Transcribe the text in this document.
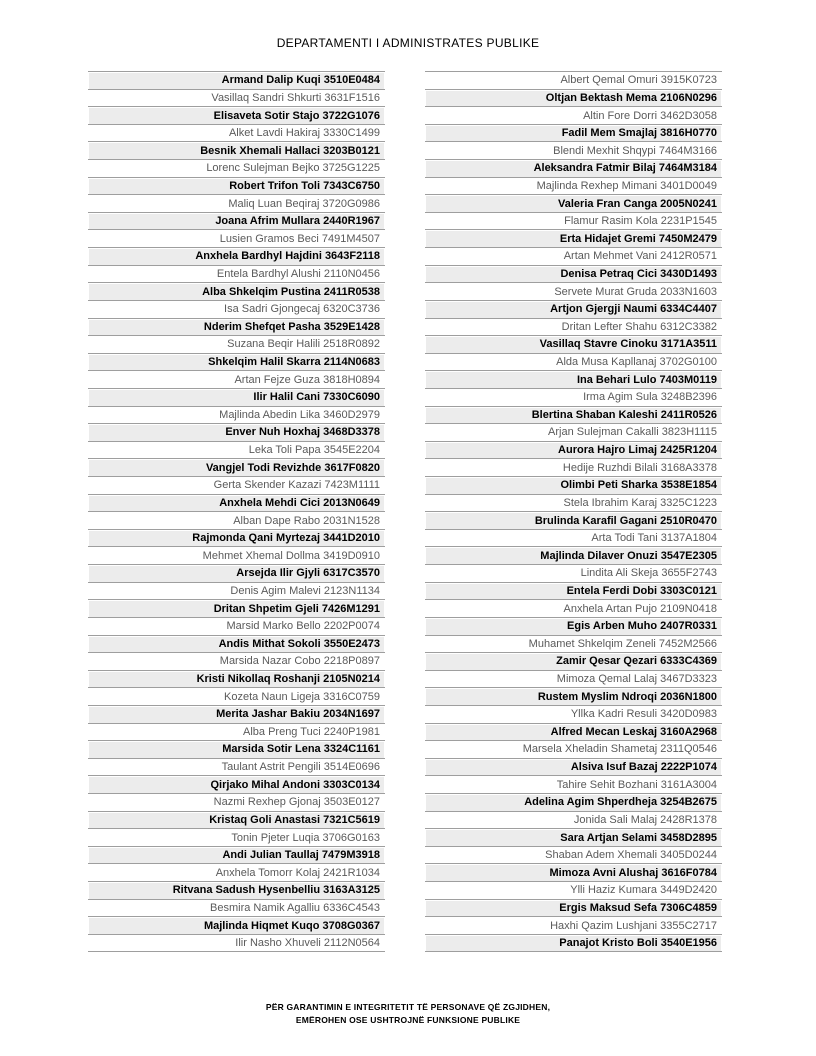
DEPARTAMENTI I ADMINISTRATES PUBLIKE
Armand Dalip Kuqi 3510E0484
Vasillaq Sandri Shkurti 3631F1516
Elisaveta Sotir Stajo 3722G1076
Alket Lavdi Hakiraj 3330C1499
Besnik Xhemali Hallaci 3203B0121
Lorenc Sulejman Bejko 3725G1225
Robert Trifon Toli 7343C6750
Maliq Luan Beqiraj 3720G0986
Joana Afrim Mullara 2440R1967
Lusien Gramos Beci 7491M4507
Anxhela Bardhyl Hajdini 3643F2118
Entela Bardhyl Alushi 2110N0456
Alba Shkelqim Pustina 2411R0538
Isa Sadri Gjongecaj 6320C3736
Nderim Shefqet Pasha 3529E1428
Suzana Beqir Halili 2518R0892
Shkelqim Halil Skarra 2114N0683
Artan Fejze Guza 3818H0894
Ilir Halil Cani 7330C6090
Majlinda Abedin Lika 3460D2979
Enver Nuh Hoxhaj 3468D3378
Leka Toli Papa 3545E2204
Vangjel Todi Revizhde 3617F0820
Gerta Skender Kazazi 7423M1111
Anxhela Mehdi Cici 2013N0649
Alban Dape Rabo 2031N1528
Rajmonda Qani Myrtezaj 3441D2010
Mehmet Xhemal Dollma 3419D0910
Arsejda Ilir Gjyli 6317C3570
Denis Agim Malevi 2123N1134
Dritan Shpetim Gjeli 7426M1291
Marsid Marko Bello 2202P0074
Andis Mithat Sokoli 3550E2473
Marsida Nazar Cobo 2218P0897
Kristi Nikollaq Roshanji 2105N0214
Kozeta Naun Ligeja 3316C0759
Merita Jashar Bakiu 2034N1697
Alba Preng Tuci 2240P1981
Marsida Sotir Lena 3324C1161
Taulant Astrit Pengili 3514E0696
Qirjako Mihal Andoni 3303C0134
Nazmi Rexhep Gjonaj 3503E0127
Kristaq Goli Anastasi 7321C5619
Tonin Pjeter Luqia 3706G0163
Andi Julian Taullaj 7479M3918
Anxhela Tomorr Kolaj 2421R1034
Ritvana Sadush Hysenbelliu 3163A3125
Besmira Namik Agalliu 6336C4543
Majlinda Hiqmet Kuqo 3708G0367
Ilir Nasho Xhuveli 2112N0564
Albert Qemal Omuri 3915K0723
Oltjan Bektash Mema 2106N0296
Altin Fore Dorri 3462D3058
Fadil Mem Smajlaj 3816H0770
Blendi Mexhit Shqypi 7464M3166
Aleksandra Fatmir Bilaj 7464M3184
Majlinda Rexhep Mimani 3401D0049
Valeria Fran Canga 2005N0241
Flamur Rasim Kola 2231P1545
Erta Hidajet Gremi 7450M2479
Artan Mehmet Vani 2412R0571
Denisa Petraq Cici 3430D1493
Servete Murat Gruda 2033N1603
Artjon Gjergji Naumi 6334C4407
Dritan Lefter Shahu 6312C3382
Vasillaq Stavre Cinoku 3171A3511
Alda Musa Kapllanaj 3702G0100
Ina Behari Lulo 7403M0119
Irma Agim Sula 3248B2396
Blertina Shaban Kaleshi 2411R0526
Arjan Sulejman Cakalli 3823H1115
Aurora Hajro Limaj 2425R1204
Hedije Ruzhdi Bilali 3168A3378
Olimbi Peti Sharka 3538E1854
Stela Ibrahim Karaj 3325C1223
Brulinda Karafil Gagani 2510R0470
Arta Todi Tani 3137A1804
Majlinda Dilaver Onuzi 3547E2305
Lindita Ali Skeja 3655F2743
Entela Ferdi Dobi 3303C0121
Anxhela Artan Pujo 2109N0418
Egis Arben Muho 2407R0331
Muhamet Shkelqim Zeneli 7452M2566
Zamir Qesar Qezari 6333C4369
Mimoza Qemal Lalaj 3467D3323
Rustem Myslim Ndroqi 2036N1800
Yllka Kadri Resuli 3420D0983
Alfred Mecan Leskaj 3160A2968
Marsela Xheladin Shametaj 2311Q0546
Alsiva Isuf Bazaj 2222P1074
Tahire Sehit Bozhani 3161A3004
Adelina Agim Shperdheja 3254B2675
Jonida Sali Malaj 2428R1378
Sara Artjan Selami 3458D2895
Shaban Adem Xhemali 3405D0244
Mimoza Avni Alushaj 3616F0784
Ylli Haziz Kumara 3449D2420
Ergis Maksud Sefa 7306C4859
Haxhi Qazim Lushjani 3355C2717
Panajot Kristo Boli 3540E1956
PËR GARANTIMIN E INTEGRITETIT TË PERSONAVE QË ZGJIDHEN,
EMËROHEN OSE USHTROJNË FUNKSIONE PUBLIKE
